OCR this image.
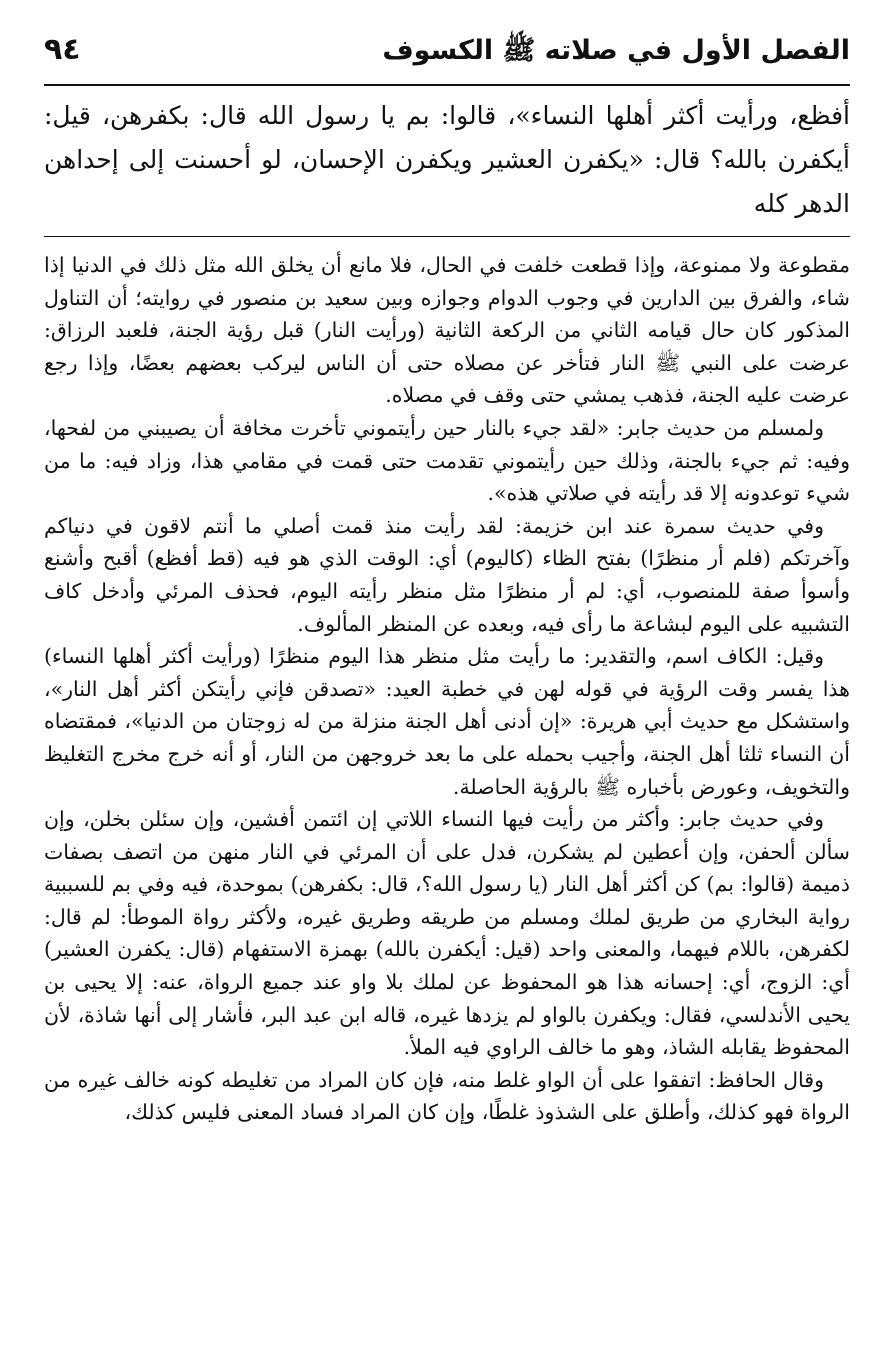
الفصل الأول في صلاته ﷺ الكسوف
٩٤

أفظع، ورأيت أكثر أهلها النساء»، قالوا: بم يا رسول الله قال: بكفرهن، قيل: أيكفرن بالله؟ قال: «يكفرن العشير ويكفرن الإحسان، لو أحسنت إلى إحداهن الدهر كله

مقطوعة ولا ممنوعة، وإذا قطعت خلفت في الحال، فلا مانع أن يخلق الله مثل ذلك في الدنيا إذا شاء، والفرق بين الدارين في وجوب الدوام وجوازه وبين سعيد بن منصور في روايته؛ أن التناول المذكور كان حال قيامه الثاني من الركعة الثانية (ورأيت النار) قبل رؤية الجنة، فلعبد الرزاق: عرضت على النبي ﷺ النار فتأخر عن مصلاه حتى أن الناس ليركب بعضهم بعضًا، وإذا رجع عرضت عليه الجنة، فذهب يمشي حتى وقف في مصلاه.

ولمسلم من حديث جابر: «لقد جيء بالنار حين رأيتموني تأخرت مخافة أن يصيبني من لفحها، وفيه: ثم جيء بالجنة، وذلك حين رأيتموني تقدمت حتى قمت في مقامي هذا، وزاد فيه: ما من شيء توعدونه إلا قد رأيته في صلاتي هذه».

وفي حديث سمرة عند ابن خزيمة: لقد رأيت منذ قمت أصلي ما أنتم لاقون في دنياكم وآخرتكم (فلم أر منظرًا) بفتح الظاء (كاليوم) أي: الوقت الذي هو فيه (قط أفظع) أقبح وأشنع وأسوأ صفة للمنصوب، أي: لم أر منظرًا مثل منظر رأيته اليوم، فحذف المرئي وأدخل كاف التشبيه على اليوم لبشاعة ما رأى فيه، وبعده عن المنظر المألوف.

وقيل: الكاف اسم، والتقدير: ما رأيت مثل منظر هذا اليوم منظرًا (ورأيت أكثر أهلها النساء) هذا يفسر وقت الرؤية في قوله لهن في خطبة العيد: «تصدقن فإني رأيتكن أكثر أهل النار»، واستشكل مع حديث أبي هريرة: «إن أدنى أهل الجنة منزلة من له زوجتان من الدنيا»، فمقتضاه أن النساء ثلثا أهل الجنة، وأجيب بحمله على ما بعد خروجهن من النار، أو أنه خرج مخرج التغليظ والتخويف، وعورض بأخباره ﷺ بالرؤية الحاصلة.

وفي حديث جابر: وأكثر من رأيت فيها النساء اللاتي إن ائتمن أفشين، وإن سئلن بخلن، وإن سألن ألحفن، وإن أعطين لم يشكرن، فدل على أن المرئي في النار منهن من اتصف بصفات ذميمة (قالوا: بم) كن أكثر أهل النار (يا رسول الله؟، قال: بكفرهن) بموحدة، فيه وفي بم للسببية رواية البخاري من طريق لملك ومسلم من طريقه وطريق غيره، ولأكثر رواة الموطأ: لم قال: لكفرهن، باللام فيهما، والمعنى واحد (قيل: أيكفرن بالله) بهمزة الاستفهام (قال: يكفرن العشير) أي: الزوج، أي: إحسانه هذا هو المحفوظ عن لملك بلا واو عند جميع الرواة، عنه: إلا يحيى بن يحيى الأندلسي، فقال: ويكفرن بالواو لم يزدها غيره، قاله ابن عبد البر، فأشار إلى أنها شاذة، لأن المحفوظ يقابله الشاذ، وهو ما خالف الراوي فيه الملأ.

وقال الحافظ: اتفقوا على أن الواو غلط منه، فإن كان المراد من تغليطه كونه خالف غيره من الرواة فهو كذلك، وأطلق على الشذوذ غلطًا، وإن كان المراد فساد المعنى فليس كذلك،
